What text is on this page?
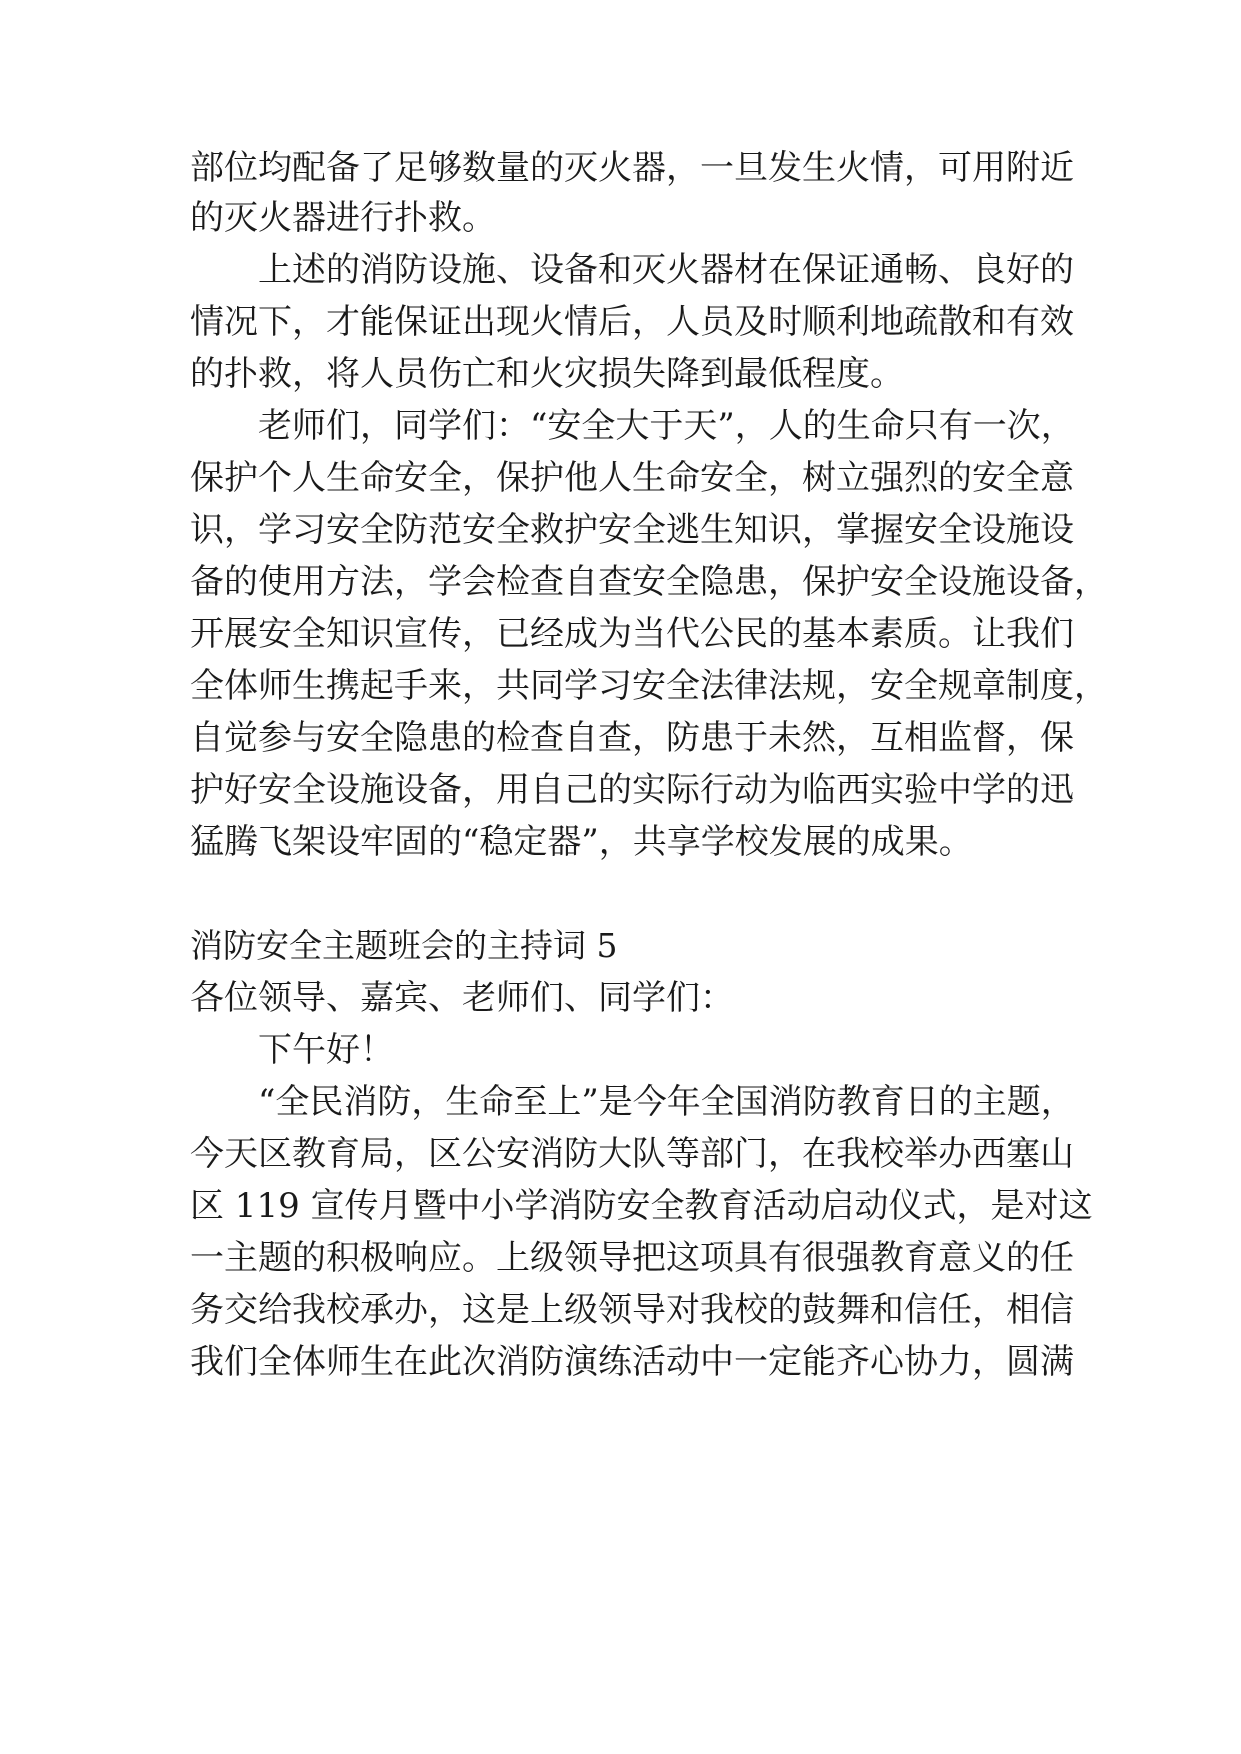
部位均配备了足够数量的灭火器，一旦发生火情，可用附近
的灭火器进行扑救。
上述的消防设施、设备和灭火器材在保证通畅、良好的
情况下，才能保证出现火情后，人员及时顺利地疏散和有效
的扑救，将人员伤亡和火灾损失降到最低程度。
老师们，同学们：“安全大于天”，人的生命只有一次，
保护个人生命安全，保护他人生命安全，树立强烈的安全意
识，学习安全防范安全救护安全逃生知识，掌握安全设施设
备的使用方法，学会检查自查安全隐患，保护安全设施设备，
开展安全知识宣传，已经成为当代公民的基本素质。让我们
全体师生携起手来，共同学习安全法律法规，安全规章制度，
自觉参与安全隐患的检查自查，防患于未然，互相监督，保
护好安全设施设备，用自己的实际行动为临西实验中学的迅
猛腾飞架设牢固的“稳定器”，共享学校发展的成果。
消防安全主题班会的主持词 5
各位领导、嘉宾、老师们、同学们：
下午好！
“全民消防，生命至上”是今年全国消防教育日的主题，
今天区教育局，区公安消防大队等部门，在我校举办西塞山
区 119 宣传月暨中小学消防安全教育活动启动仪式，是对这
一主题的积极响应。上级领导把这项具有很强教育意义的任
务交给我校承办，这是上级领导对我校的鼓舞和信任，相信
我们全体师生在此次消防演练活动中一定能齐心协力，圆满
